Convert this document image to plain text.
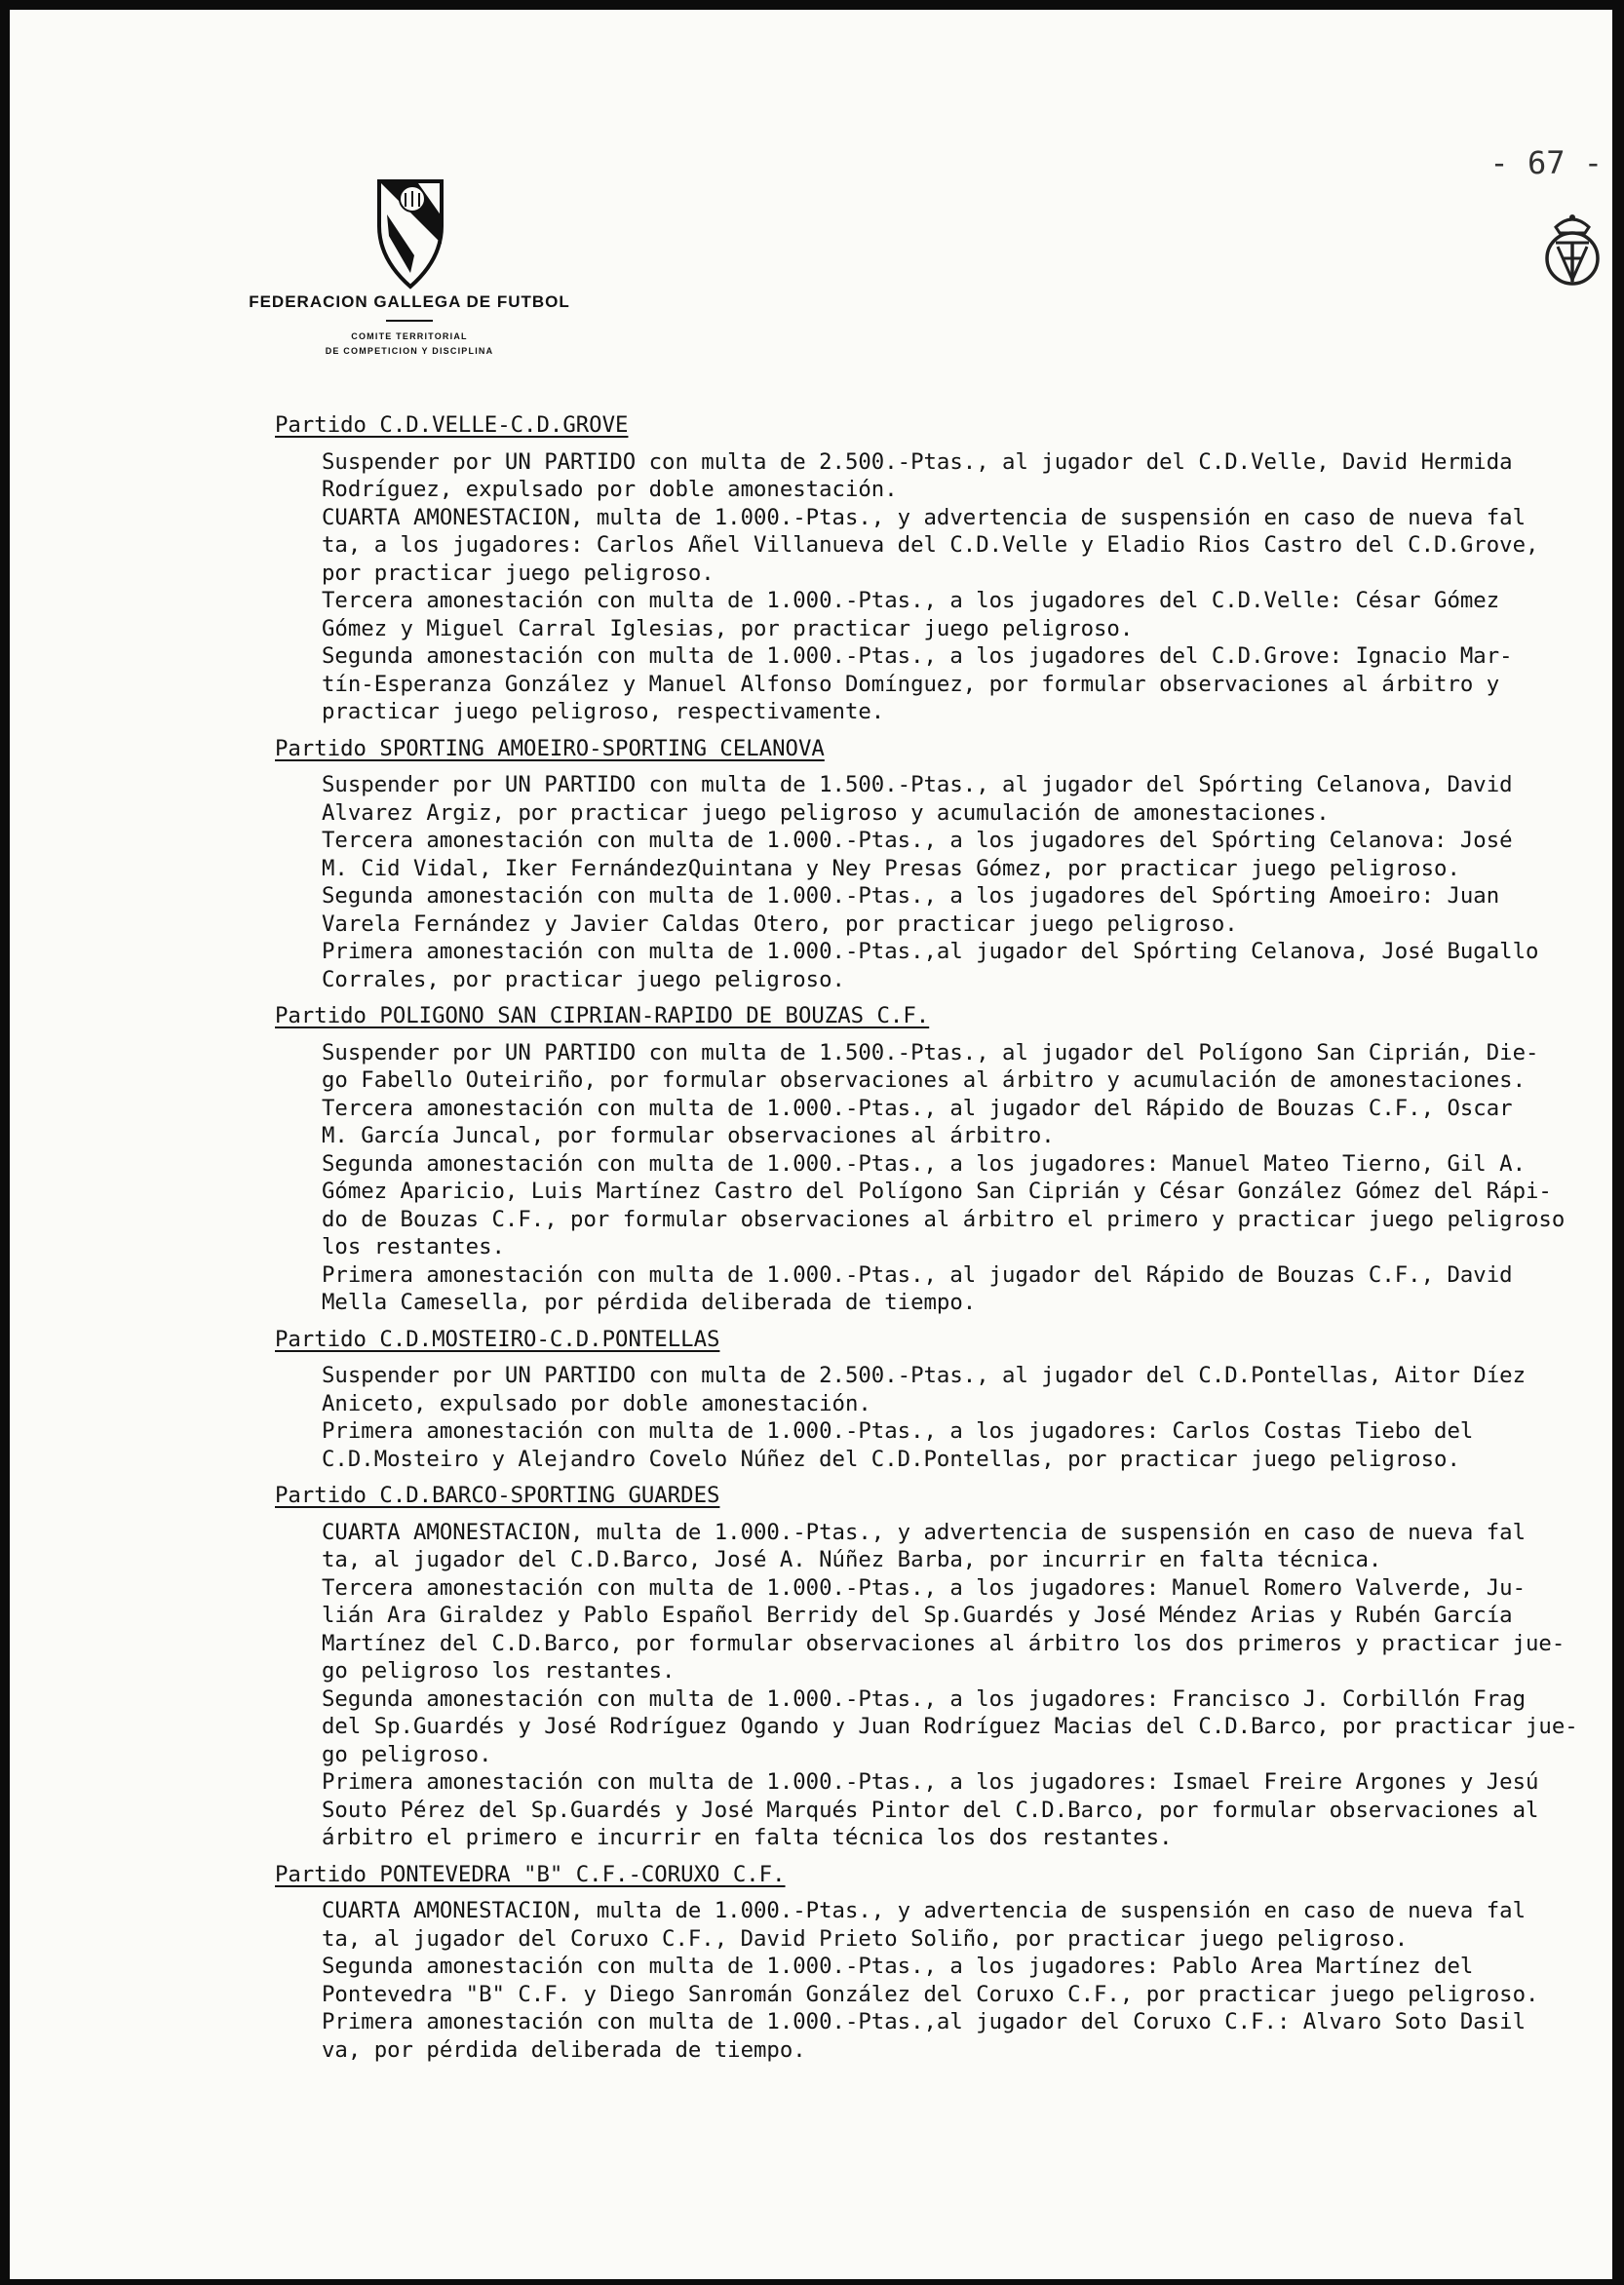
- 67 -
FEDERACION GALLEGA DE FUTBOL
COMITE TERRITORIAL
DE COMPETICION Y DISCIPLINA
Partido C.D.VELLE-C.D.GROVE
Suspender por UN PARTIDO con multa de 2.500.-Ptas., al jugador del C.D.Velle, David Hermida
Rodríguez, expulsado por doble amonestación.
CUARTA AMONESTACION, multa de 1.000.-Ptas., y advertencia de suspensión en caso de nueva fal
ta, a los jugadores: Carlos Añel Villanueva del C.D.Velle y Eladio Rios Castro del C.D.Grove,
por practicar juego peligroso.
Tercera amonestación con multa de 1.000.-Ptas., a los jugadores del C.D.Velle: César Gómez
Gómez y Miguel Carral Iglesias, por practicar juego peligroso.
Segunda amonestación con multa de 1.000.-Ptas., a los jugadores del C.D.Grove: Ignacio Mar-
tín-Esperanza González y Manuel Alfonso Domínguez, por formular observaciones al árbitro y
practicar juego peligroso, respectivamente.
Partido SPORTING AMOEIRO-SPORTING CELANOVA
Suspender por UN PARTIDO con multa de 1.500.-Ptas., al jugador del Spórting Celanova, David
Alvarez Argiz, por practicar juego peligroso y acumulación de amonestaciones.
Tercera amonestación con multa de 1.000.-Ptas., a los jugadores del Spórting Celanova: José
M. Cid Vidal, Iker FernándezQuintana y Ney Presas Gómez, por practicar juego peligroso.
Segunda amonestación con multa de 1.000.-Ptas., a los jugadores del Spórting Amoeiro: Juan
Varela Fernández y Javier Caldas Otero, por practicar juego peligroso.
Primera amonestación con multa de 1.000.-Ptas.,al jugador del Spórting Celanova, José Bugallo
Corrales, por practicar juego peligroso.
Partido POLIGONO SAN CIPRIAN-RAPIDO DE BOUZAS C.F.
Suspender por UN PARTIDO con multa de 1.500.-Ptas., al jugador del Polígono San Ciprián, Die-
go Fabello Outeiriño, por formular observaciones al árbitro y acumulación de amonestaciones.
Tercera amonestación con multa de 1.000.-Ptas., al jugador del Rápido de Bouzas C.F., Oscar
M. García Juncal, por formular observaciones al árbitro.
Segunda amonestación con multa de 1.000.-Ptas., a los jugadores: Manuel Mateo Tierno, Gil A.
Gómez Aparicio, Luis Martínez Castro del Polígono San Ciprián y César González Gómez del Rápi-
do de Bouzas C.F., por formular observaciones al árbitro el primero y practicar juego peligroso
los restantes.
Primera amonestación con multa de 1.000.-Ptas., al jugador del Rápido de Bouzas C.F., David
Mella Camesella, por pérdida deliberada de tiempo.
Partido C.D.MOSTEIRO-C.D.PONTELLAS
Suspender por UN PARTIDO con multa de 2.500.-Ptas., al jugador del C.D.Pontellas, Aitor Díez
Aniceto, expulsado por doble amonestación.
Primera amonestación con multa de 1.000.-Ptas., a los jugadores: Carlos Costas Tiebo del
C.D.Mosteiro y Alejandro Covelo Núñez del C.D.Pontellas, por practicar juego peligroso.
Partido C.D.BARCO-SPORTING GUARDES
CUARTA AMONESTACION, multa de 1.000.-Ptas., y advertencia de suspensión en caso de nueva fal
ta, al jugador del C.D.Barco, José A. Núñez Barba, por incurrir en falta técnica.
Tercera amonestación con multa de 1.000.-Ptas., a los jugadores: Manuel Romero Valverde, Ju-
lián Ara Giraldez y Pablo Español Berridy del Sp.Guardés y José Méndez Arias y Rubén García
Martínez del C.D.Barco, por formular observaciones al árbitro los dos primeros y practicar jue-
go peligroso los restantes.
Segunda amonestación con multa de 1.000.-Ptas., a los jugadores: Francisco J. Corbillón Frag
del Sp.Guardés y José Rodríguez Ogando y Juan Rodríguez Macias del C.D.Barco, por practicar jue-
go peligroso.
Primera amonestación con multa de 1.000.-Ptas., a los jugadores: Ismael Freire Argones y Jesú
Souto Pérez del Sp.Guardés y José Marqués Pintor del C.D.Barco, por formular observaciones al
árbitro el primero e incurrir en falta técnica los dos restantes.
Partido PONTEVEDRA "B" C.F.-CORUXO C.F.
CUARTA AMONESTACION, multa de 1.000.-Ptas., y advertencia de suspensión en caso de nueva fal
ta, al jugador del Coruxo C.F., David Prieto Soliño, por practicar juego peligroso.
Segunda amonestación con multa de 1.000.-Ptas., a los jugadores: Pablo Area Martínez del
Pontevedra "B" C.F. y Diego Sanromán González del Coruxo C.F., por practicar juego peligroso.
Primera amonestación con multa de 1.000.-Ptas.,al jugador del Coruxo C.F.: Alvaro Soto Dasil
va, por pérdida deliberada de tiempo.
